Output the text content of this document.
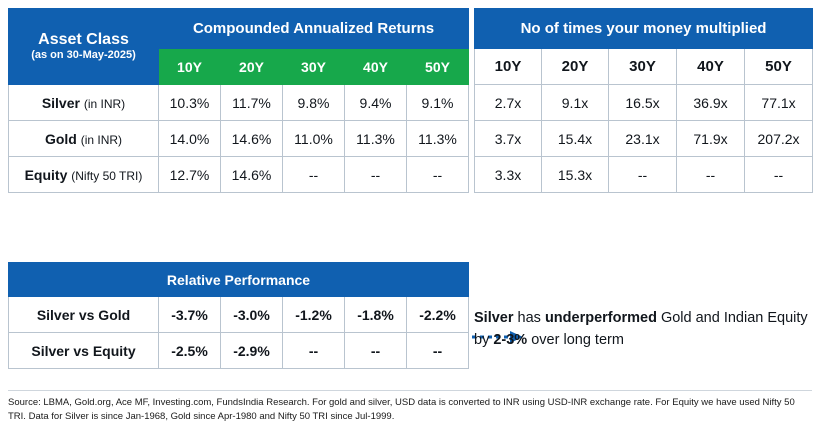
Asset Class
(as on 30-May-2025)	Compounded Annualized Returns				
	10Y	20Y	30Y	40Y	50Y
Silver (in INR)	10.3%	11.7%	9.8%	9.4%	9.1%
Gold (in INR)	14.0%	14.6%	11.0%	11.3%	11.3%
Equity (Nifty 50 TRI)	12.7%	14.6%	--	--	--
No of times your money multiplied				
10Y	20Y	30Y	40Y	50Y
2.7x	9.1x	16.5x	36.9x	77.1x
3.7x	15.4x	23.1x	71.9x	207.2x
3.3x	15.3x	--	--	--
Relative Performance					
Silver vs Gold	-3.7%	-3.0%	-1.2%	-1.8%	-2.2%
Silver vs Equity	-2.5%	-2.9%	--	--	--
Silver has underperformed Gold and Indian Equity by 2-3% over long term
Source: LBMA, Gold.org, Ace MF, Investing.com, FundsIndia Research. For gold and silver, USD data is converted to INR using USD-INR exchange rate. For Equity we have used Nifty 50 TRI. Data for Silver is since Jan-1968, Gold since Apr-1980 and Nifty 50 TRI since Jul-1999.
